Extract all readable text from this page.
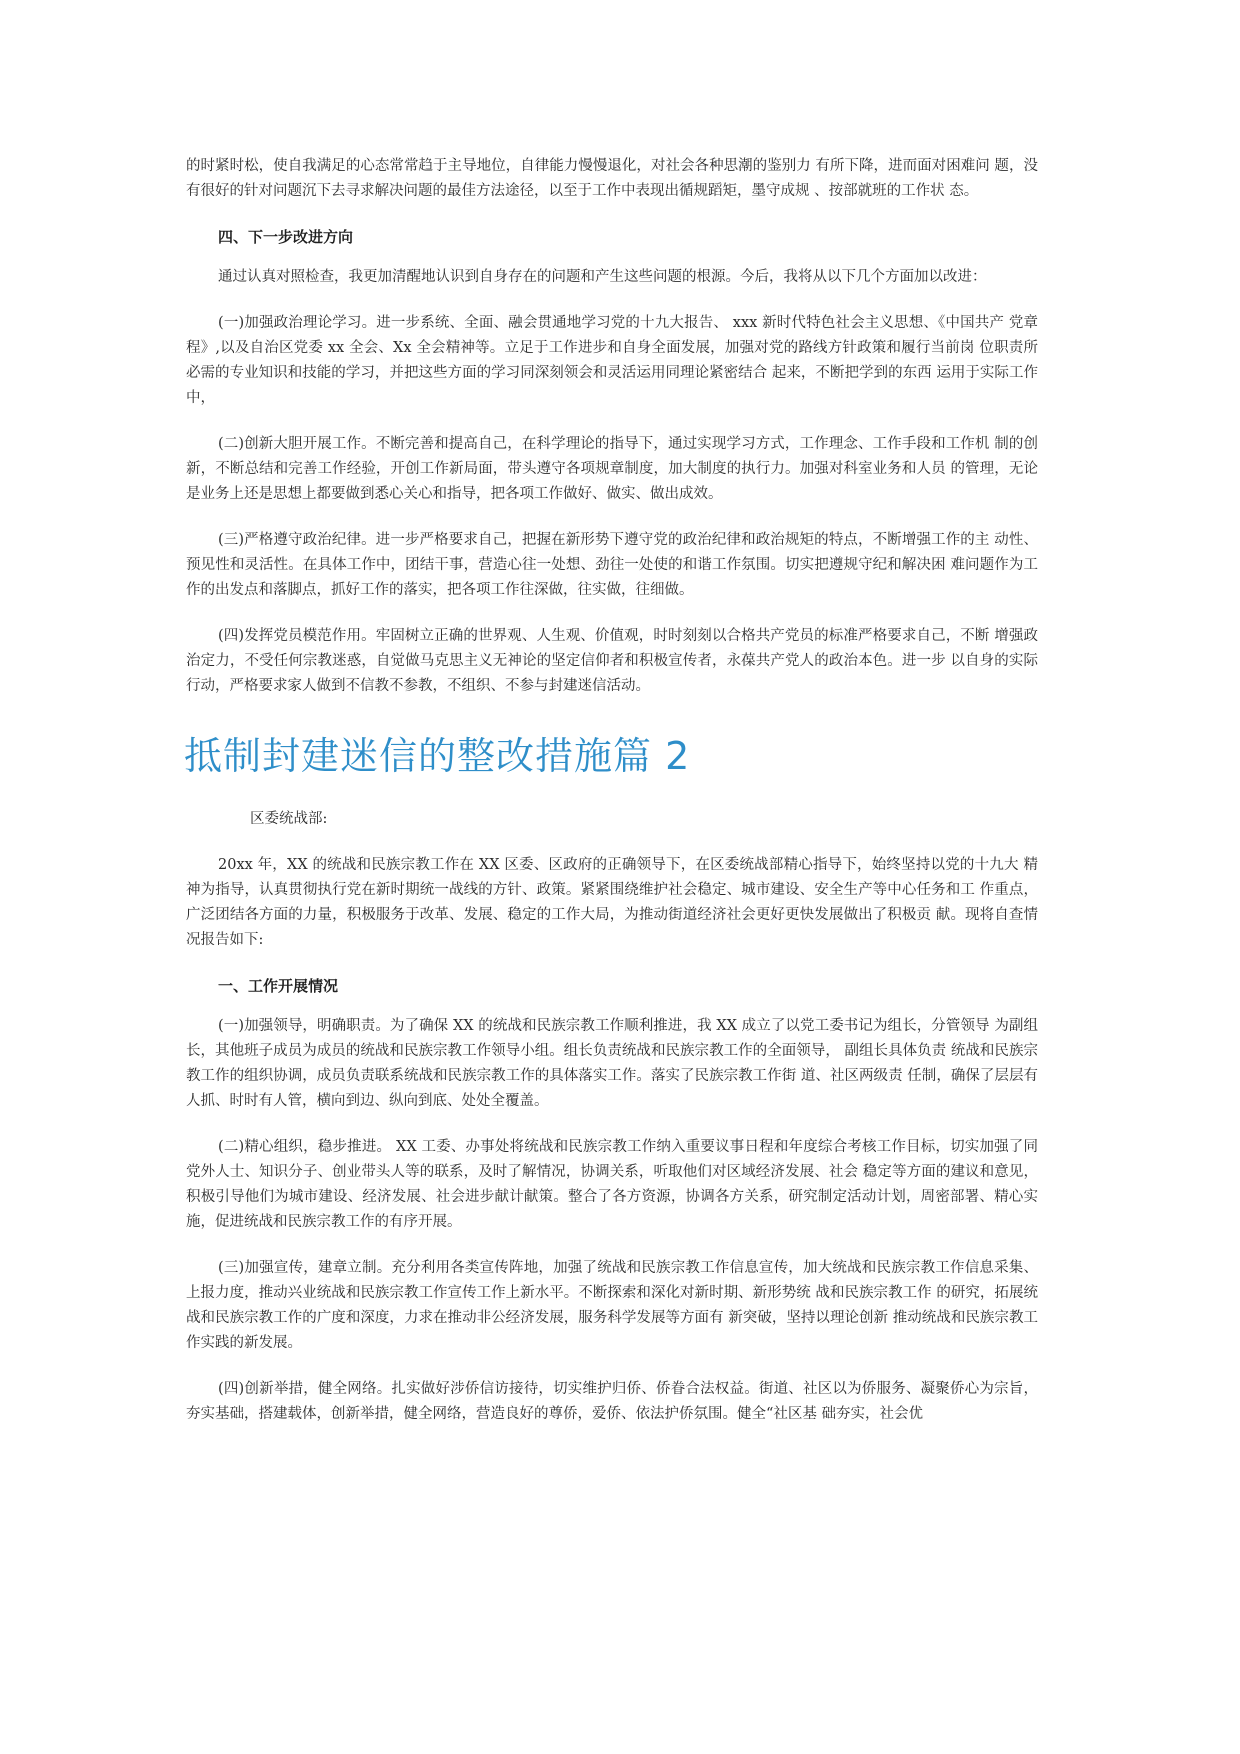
的时紧时松，使自我满足的心态常常趋于主导地位，自律能力慢慢退化，对社会各种思潮的鉴别力 有所下降，进而面对困难问 题，没有很好的针对问题沉下去寻求解决问题的最佳方法途径，以至于工作中表现出循规蹈矩，墨守成规 、按部就班的工作状 态。

四、下一步改进方向

通过认真对照检查，我更加清醒地认识到自身存在的问题和产生这些问题的根源。今后，我将从以下几个方面加以改进：

(一)加强政治理论学习。进一步系统、全面、融会贯通地学习党的十九大报告、 xxx 新时代特色社会主义思想、《中国共产 党章程》,以及自治区党委 xx 全会、Xx 全会精神等。立足于工作进步和自身全面发展，加强对党的路线方针政策和履行当前岗 位职责所必需的专业知识和技能的学习，并把这些方面的学习同深刻领会和灵活运用同理论紧密结合 起来，不断把学到的东西 运用于实际工作中，

(二)创新大胆开展工作。不断完善和提高自己，在科学理论的指导下，通过实现学习方式，工作理念、工作手段和工作机 制的创新，不断总结和完善工作经验，开创工作新局面，带头遵守各项规章制度，加大制度的执行力。加强对科室业务和人员 的管理，无论是业务上还是思想上都要做到悉心关心和指导，把各项工作做好、做实、做出成效。

(三)严格遵守政治纪律。进一步严格要求自己，把握在新形势下遵守党的政治纪律和政治规矩的特点，不断增强工作的主 动性、预见性和灵活性。在具体工作中，团结干事，营造心往一处想、劲往一处使的和谐工作氛围。切实把遵规守纪和解决困 难问题作为工作的出发点和落脚点，抓好工作的落实，把各项工作往深做，往实做，往细做。

(四)发挥党员模范作用。牢固树立正确的世界观、人生观、价值观，时时刻刻以合格共产党员的标准严格要求自己，不断 增强政治定力，不受任何宗教迷惑，自觉做马克思主义无神论的坚定信仰者和积极宣传者，永葆共产党人的政治本色。进一步 以自身的实际行动，严格要求家人做到不信教不参教，不组织、不参与封建迷信活动。

抵制封建迷信的整改措施篇 2

区委统战部:

20xx 年，XX 的统战和民族宗教工作在 XX 区委、区政府的正确领导下，在区委统战部精心指导下，始终坚持以党的十九大 精神为指导，认真贯彻执行党在新时期统一战线的方针、政策。紧紧围绕维护社会稳定、城市建设、安全生产等中心任务和工 作重点，广泛团结各方面的力量，积极服务于改革、发展、稳定的工作大局，为推动街道经济社会更好更快发展做出了积极贡 献。现将自查情况报告如下:

一、工作开展情况

(一)加强领导，明确职责。为了确保 XX 的统战和民族宗教工作顺利推进，我 XX 成立了以党工委书记为组长，分管领导 为副组长，其他班子成员为成员的统战和民族宗教工作领导小组。组长负责统战和民族宗教工作的全面领导， 副组长具体负责 统战和民族宗教工作的组织协调，成员负责联系统战和民族宗教工作的具体落实工作。落实了民族宗教工作街 道、社区两级责 任制，确保了层层有人抓、时时有人管，横向到边、纵向到底、处处全覆盖。

(二)精心组织，稳步推进。 XX 工委、办事处将统战和民族宗教工作纳入重要议事日程和年度综合考核工作目标，切实加强了同党外人士、知识分子、创业带头人等的联系，及时了解情况，协调关系，听取他们对区域经济发展、社会 稳定等方面的建议和意见，积极引导他们为城市建设、经济发展、社会进步献计献策。整合了各方资源，协调各方关系，研究制定活动计划，周密部署、精心实施，促进统战和民族宗教工作的有序开展。

(三)加强宣传，建章立制。充分利用各类宣传阵地，加强了统战和民族宗教工作信息宣传，加大统战和民族宗教工作信息采集、上报力度，推动兴业统战和民族宗教工作宣传工作上新水平。不断探索和深化对新时期、新形势统 战和民族宗教工作 的研究，拓展统战和民族宗教工作的广度和深度，力求在推动非公经济发展，服务科学发展等方面有 新突破，坚持以理论创新 推动统战和民族宗教工作实践的新发展。

(四)创新举措，健全网络。扎实做好涉侨信访接待，切实维护归侨、侨眷合法权益。街道、社区以为侨服务、凝聚侨心为宗旨，夯实基础，搭建载体，创新举措，健全网络，营造良好的尊侨，爱侨、依法护侨氛围。健全“社区基 础夯实，社会优
